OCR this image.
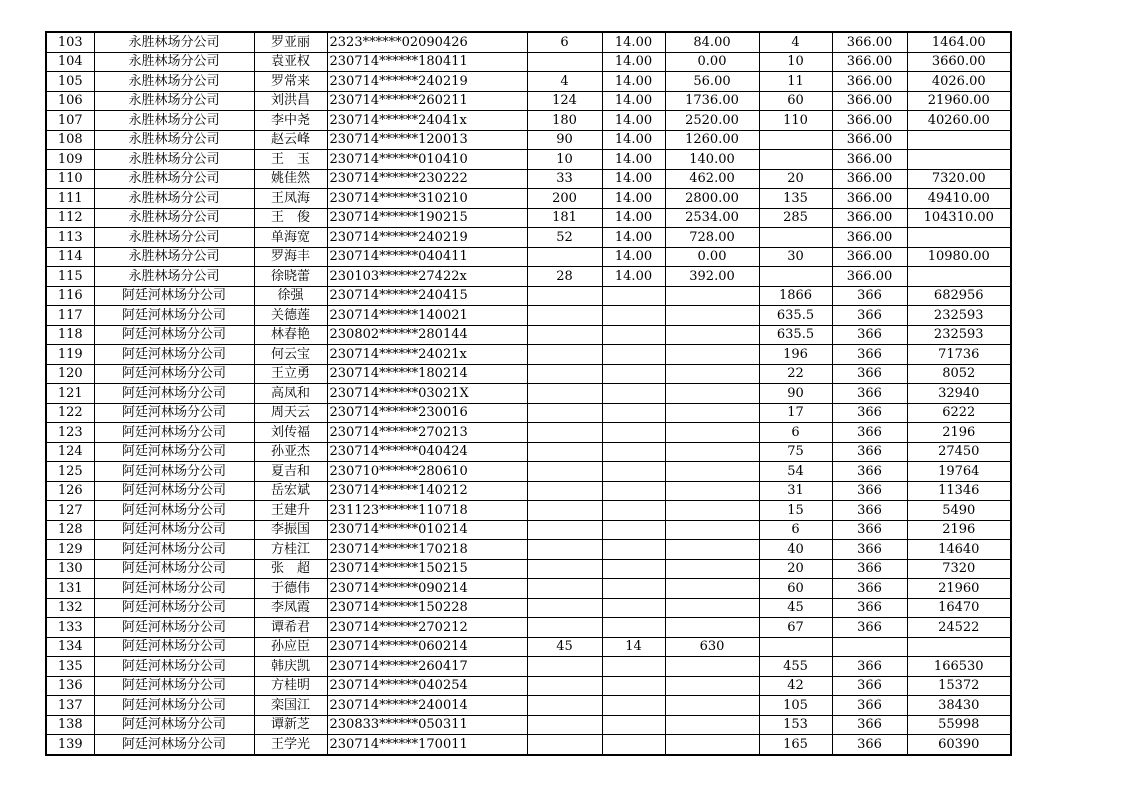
103	永胜林场分公司	罗亚丽	2323******02090426	6	14.00	84.00	4	366.00	1464.00
104	永胜林场分公司	袁亚权	230714******180411		14.00	0.00	10	366.00	3660.00
105	永胜林场分公司	罗常来	230714******240219	4	14.00	56.00	11	366.00	4026.00
106	永胜林场分公司	刘洪昌	230714******260211	124	14.00	1736.00	60	366.00	21960.00
107	永胜林场分公司	李中尧	230714******24041x	180	14.00	2520.00	110	366.00	40260.00
108	永胜林场分公司	赵云峰	230714******120013	90	14.00	1260.00		366.00	
109	永胜林场分公司	王　玉	230714******010410	10	14.00	140.00		366.00	
110	永胜林场分公司	姚佳然	230714******230222	33	14.00	462.00	20	366.00	7320.00
111	永胜林场分公司	王凤海	230714******310210	200	14.00	2800.00	135	366.00	49410.00
112	永胜林场分公司	王　俊	230714******190215	181	14.00	2534.00	285	366.00	104310.00
113	永胜林场分公司	单海宽	230714******240219	52	14.00	728.00		366.00	
114	永胜林场分公司	罗海丰	230714******040411		14.00	0.00	30	366.00	10980.00
115	永胜林场分公司	徐晓蕾	230103******27422x	28	14.00	392.00		366.00	
116	阿廷河林场分公司	徐强	230714******240415				1866	366	682956
117	阿廷河林场分公司	关德莲	230714******140021				635.5	366	232593
118	阿廷河林场分公司	林春艳	230802******280144				635.5	366	232593
119	阿廷河林场分公司	何云宝	230714******24021x				196	366	71736
120	阿廷河林场分公司	王立勇	230714******180214				22	366	8052
121	阿廷河林场分公司	高凤和	230714******03021X				90	366	32940
122	阿廷河林场分公司	周天云	230714******230016				17	366	6222
123	阿廷河林场分公司	刘传福	230714******270213				6	366	2196
124	阿廷河林场分公司	孙亚杰	230714******040424				75	366	27450
125	阿廷河林场分公司	夏吉和	230710******280610				54	366	19764
126	阿廷河林场分公司	岳宏斌	230714******140212				31	366	11346
127	阿廷河林场分公司	王建升	231123******110718				15	366	5490
128	阿廷河林场分公司	李振国	230714******010214				6	366	2196
129	阿廷河林场分公司	方桂江	230714******170218				40	366	14640
130	阿廷河林场分公司	张　超	230714******150215				20	366	7320
131	阿廷河林场分公司	于德伟	230714******090214				60	366	21960
132	阿廷河林场分公司	李凤霞	230714******150228				45	366	16470
133	阿廷河林场分公司	谭希君	230714******270212				67	366	24522
134	阿廷河林场分公司	孙应臣	230714******060214	45	14	630			
135	阿廷河林场分公司	韩庆凯	230714******260417				455	366	166530
136	阿廷河林场分公司	方桂明	230714******040254				42	366	15372
137	阿廷河林场分公司	栾国江	230714******240014				105	366	38430
138	阿廷河林场分公司	谭新芝	230833******050311				153	366	55998
139	阿廷河林场分公司	王学光	230714******170011				165	366	60390
